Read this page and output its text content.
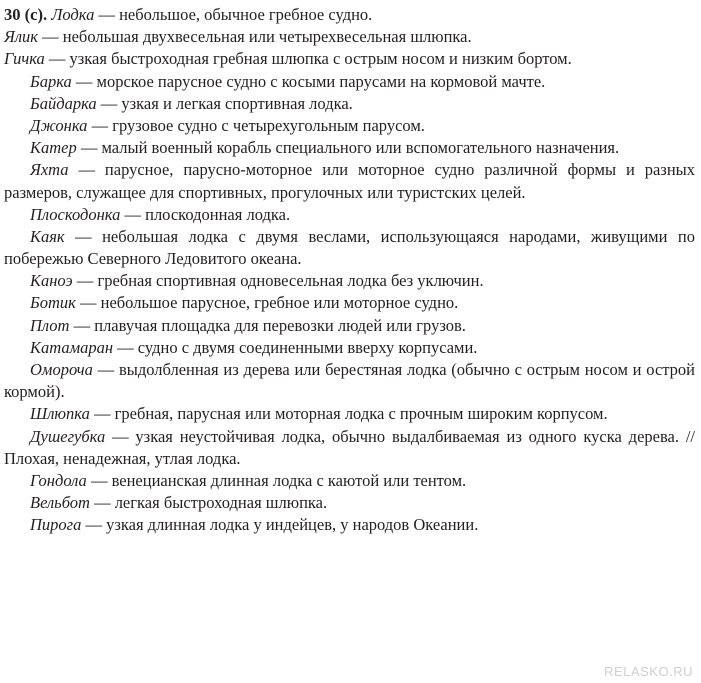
30 (с). Лодка — небольшое, обычное гребное судно.

Ялик — небольшая двухвесельная или четырехвесельная шлюпка.

Гичка — узкая быстроходная гребная шлюпка с острым носом и низким бортом.

Барка — морское парусное судно с косыми парусами на кормовой мачте.

Байдарка — узкая и легкая спортивная лодка.

Джонка — грузовое судно с четырехугольным парусом.

Катер — малый военный корабль специального или вспомогательного назначения.

Яхта — парусное, парусно-моторное или моторное судно различной формы и разных размеров, служащее для спортивных, прогулочных или туристских целей.

Плоскодонка — плоскодонная лодка.

Каяк — небольшая лодка с двумя веслами, использующаяся народами, живущими по побережью Северного Ледовитого океана.

Каноэ — гребная спортивная одновесельная лодка без уключин.

Ботик — небольшое парусное, гребное или моторное судно.

Плот — плавучая площадка для перевозки людей или грузов.

Катамаран — судно с двумя соединенными вверху корпусами.

Оморочa — выдолбленная из дерева или берестяная лодка (обычно с острым носом и острой кормой).

Шлюпка — гребная, парусная или моторная лодка с прочным широким корпусом.

Душегубка — узкая неустойчивая лодка, обычно выдалбиваемая из одного куска дерева. // Плохая, ненадежная, утлая лодка.

Гондола — венецианская длинная лодка с каютой или тентом.

Вельбот — легкая быстроходная шлюпка.

Пирога — узкая длинная лодка у индейцев, у народов Океании.

RELASKO.RU
